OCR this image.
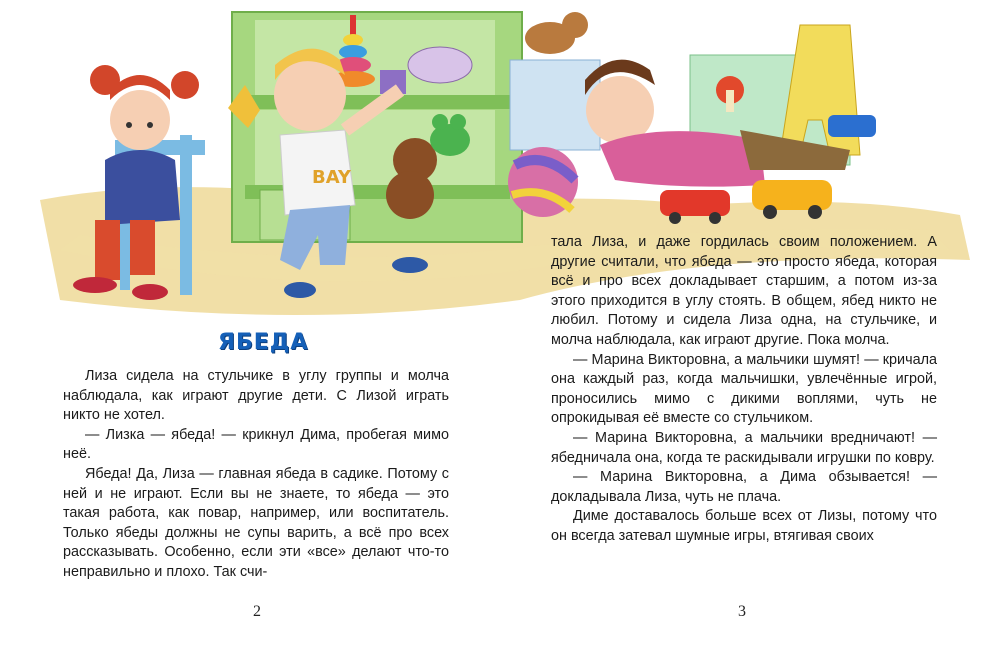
BAY
ЯБЕДА

Лиза сидела на стульчике в углу группы и молча наблюдала, как играют другие дети. С Лизой играть никто не хотел.

— Лизка — ябеда! — крикнул Дима, пробегая мимо неё.

Ябеда! Да, Лиза — главная ябеда в садике. Потому с ней и не играют. Если вы не знаете, то ябеда — это такая работа, как повар, например, или воспитатель. Только ябеды должны не супы варить, а всё про всех рассказывать. Особенно, если эти «все» делают что-то неправильно и плохо. Так счи-

тала Лиза, и даже гордилась своим положением. А другие считали, что ябеда — это просто ябеда, которая всё и про всех докладывает старшим, а потом из-за этого приходится в углу стоять. В общем, ябед никто не любил. Потому и сидела Лиза одна, на стульчике, и молча наблюдала, как играют другие. Пока молча.

— Марина Викторовна, а мальчики шумят! — кричала она каждый раз, когда мальчишки, увлечённые игрой, проносились мимо с дикими воплями, чуть не опрокидывая её вместе со стульчиком.

— Марина Викторовна, а мальчики вредничают! — ябедничала она, когда те раскидывали игрушки по ковру.

— Марина Викторовна, а Дима обзывается! — докладывала Лиза, чуть не плача.

Диме доставалось больше всех от Лизы, потому что он всегда затевал шумные игры, втягивая своих

2	3
